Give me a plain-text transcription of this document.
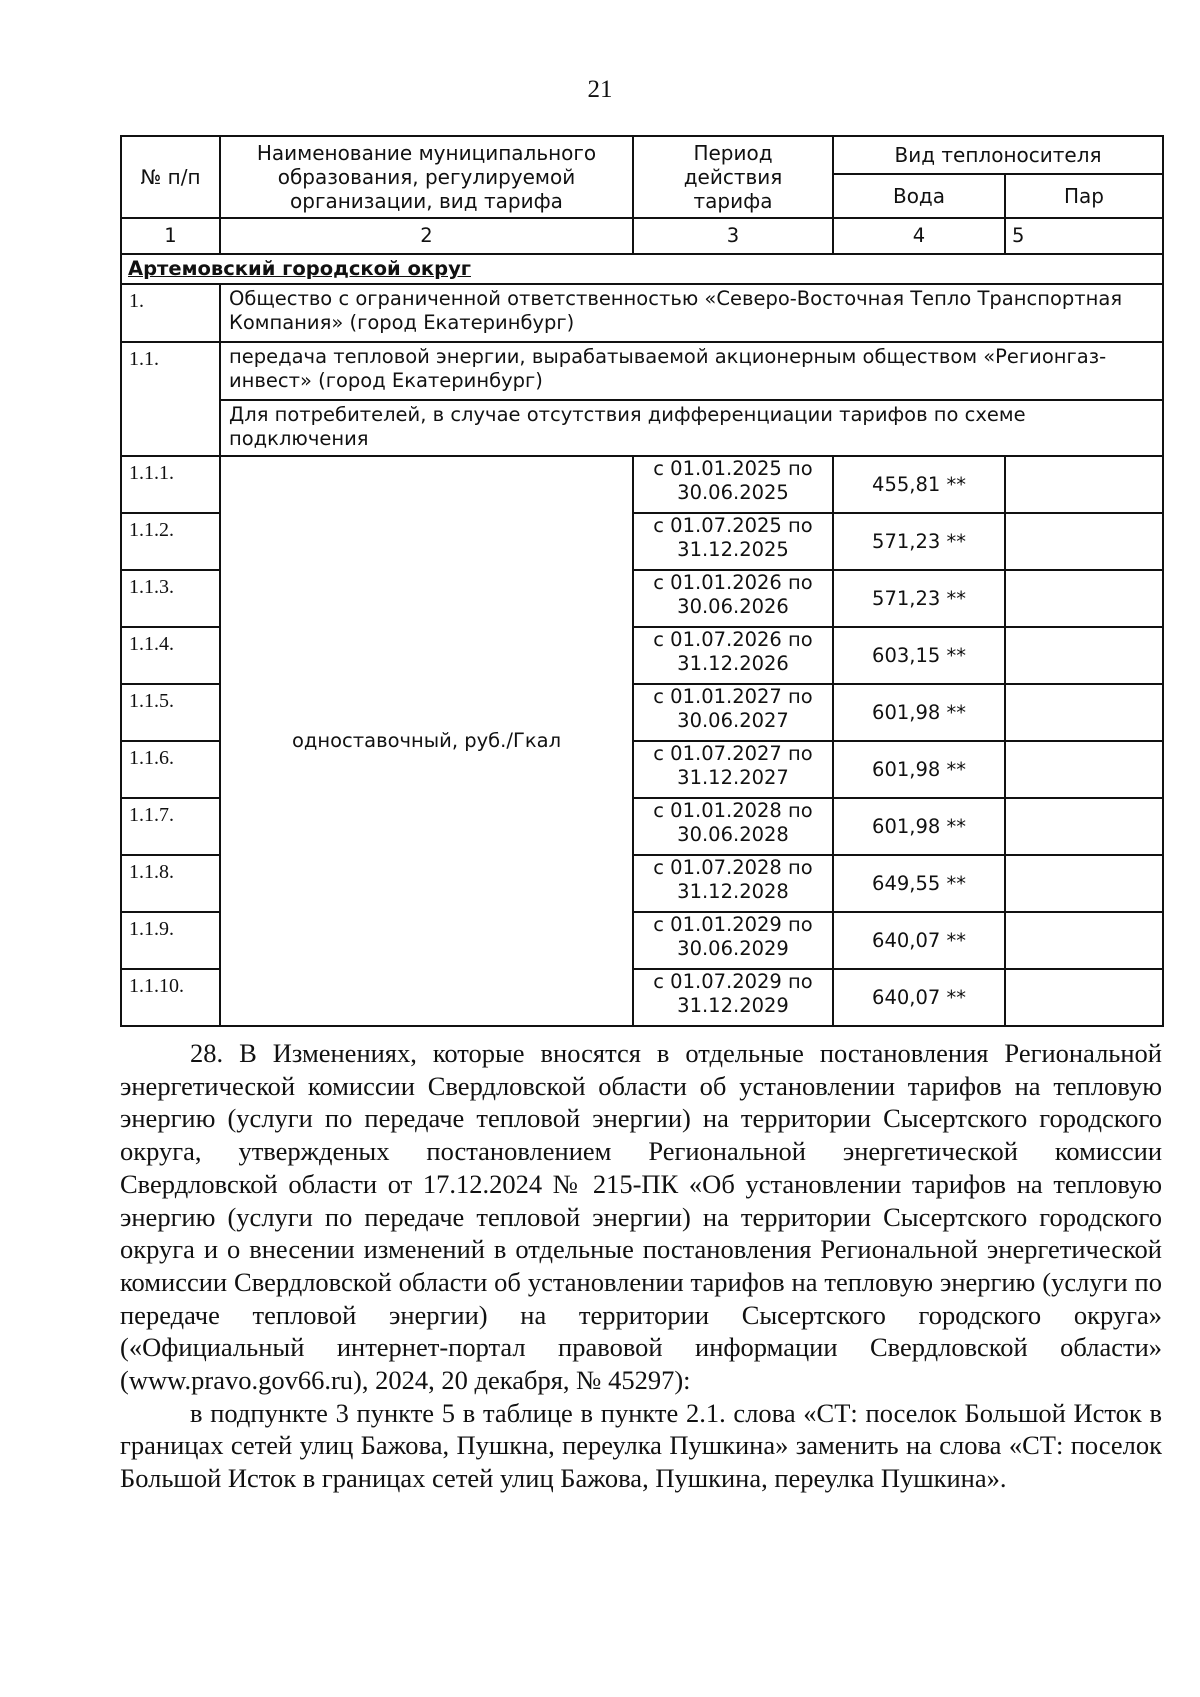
21
№ п/п	Наименование муниципального образования, регулируемой организации, вид тарифа	Период действия тарифа	Вид теплоносителя	
			Вода	Пар
1	2	3	4	5
Артемовский городской округ				
1.	Общество с ограниченной ответственностью «Северо-Восточная Тепло Транспортная Компания» (город Екатеринбург)			
1.1.	передача тепловой энергии, вырабатываемой акционерным обществом «Регионгаз-инвест» (город Екатеринбург)			
	Для потребителей, в случае отсутствия дифференциации тарифов по схеме подключения			
1.1.1.	одноставочный, руб./Гкал	с 01.01.2025 по 30.06.2025	455,81 **	
1.1.2.		с 01.07.2025 по 31.12.2025	571,23 **	
1.1.3.		с 01.01.2026 по 30.06.2026	571,23 **	
1.1.4.		с 01.07.2026 по 31.12.2026	603,15 **	
1.1.5.		с 01.01.2027 по 30.06.2027	601,98 **	
1.1.6.		с 01.07.2027 по 31.12.2027	601,98 **	
1.1.7.		с 01.01.2028 по 30.06.2028	601,98 **	
1.1.8.		с 01.07.2028 по 31.12.2028	649,55 **	
1.1.9.		с 01.01.2029 по 30.06.2029	640,07 **	
1.1.10.		с 01.07.2029 по 31.12.2029	640,07 **	

28. В Изменениях, которые вносятся в отдельные постановления Региональной энергетической комиссии Свердловской области об установлении тарифов на тепловую энергию (услуги по передаче тепловой энергии) на территории Сысертского городского округа, утвержденых постановлением Региональной энергетической комиссии Свердловской области от 17.12.2024 № 215-ПК «Об установлении тарифов на тепловую энергию (услуги по передаче тепловой энергии) на территории Сысертского городского округа и о внесении изменений в отдельные постановления Региональной энергетической комиссии Свердловской области об установлении тарифов на тепловую энергию (услуги по передаче тепловой энергии) на территории Сысертского городского округа» («Официальный интернет-портал правовой информации Свердловской области» (www.pravo.gov66.ru), 2024, 20 декабря, № 45297):

в подпункте 3 пункте 5 в таблице в пункте 2.1. слова «СТ: поселок Большой Исток в границах сетей улиц Бажова, Пушкна, переулка Пушкина» заменить на слова «СТ: поселок Большой Исток в границах сетей улиц Бажова, Пушкина, переулка Пушкина».
